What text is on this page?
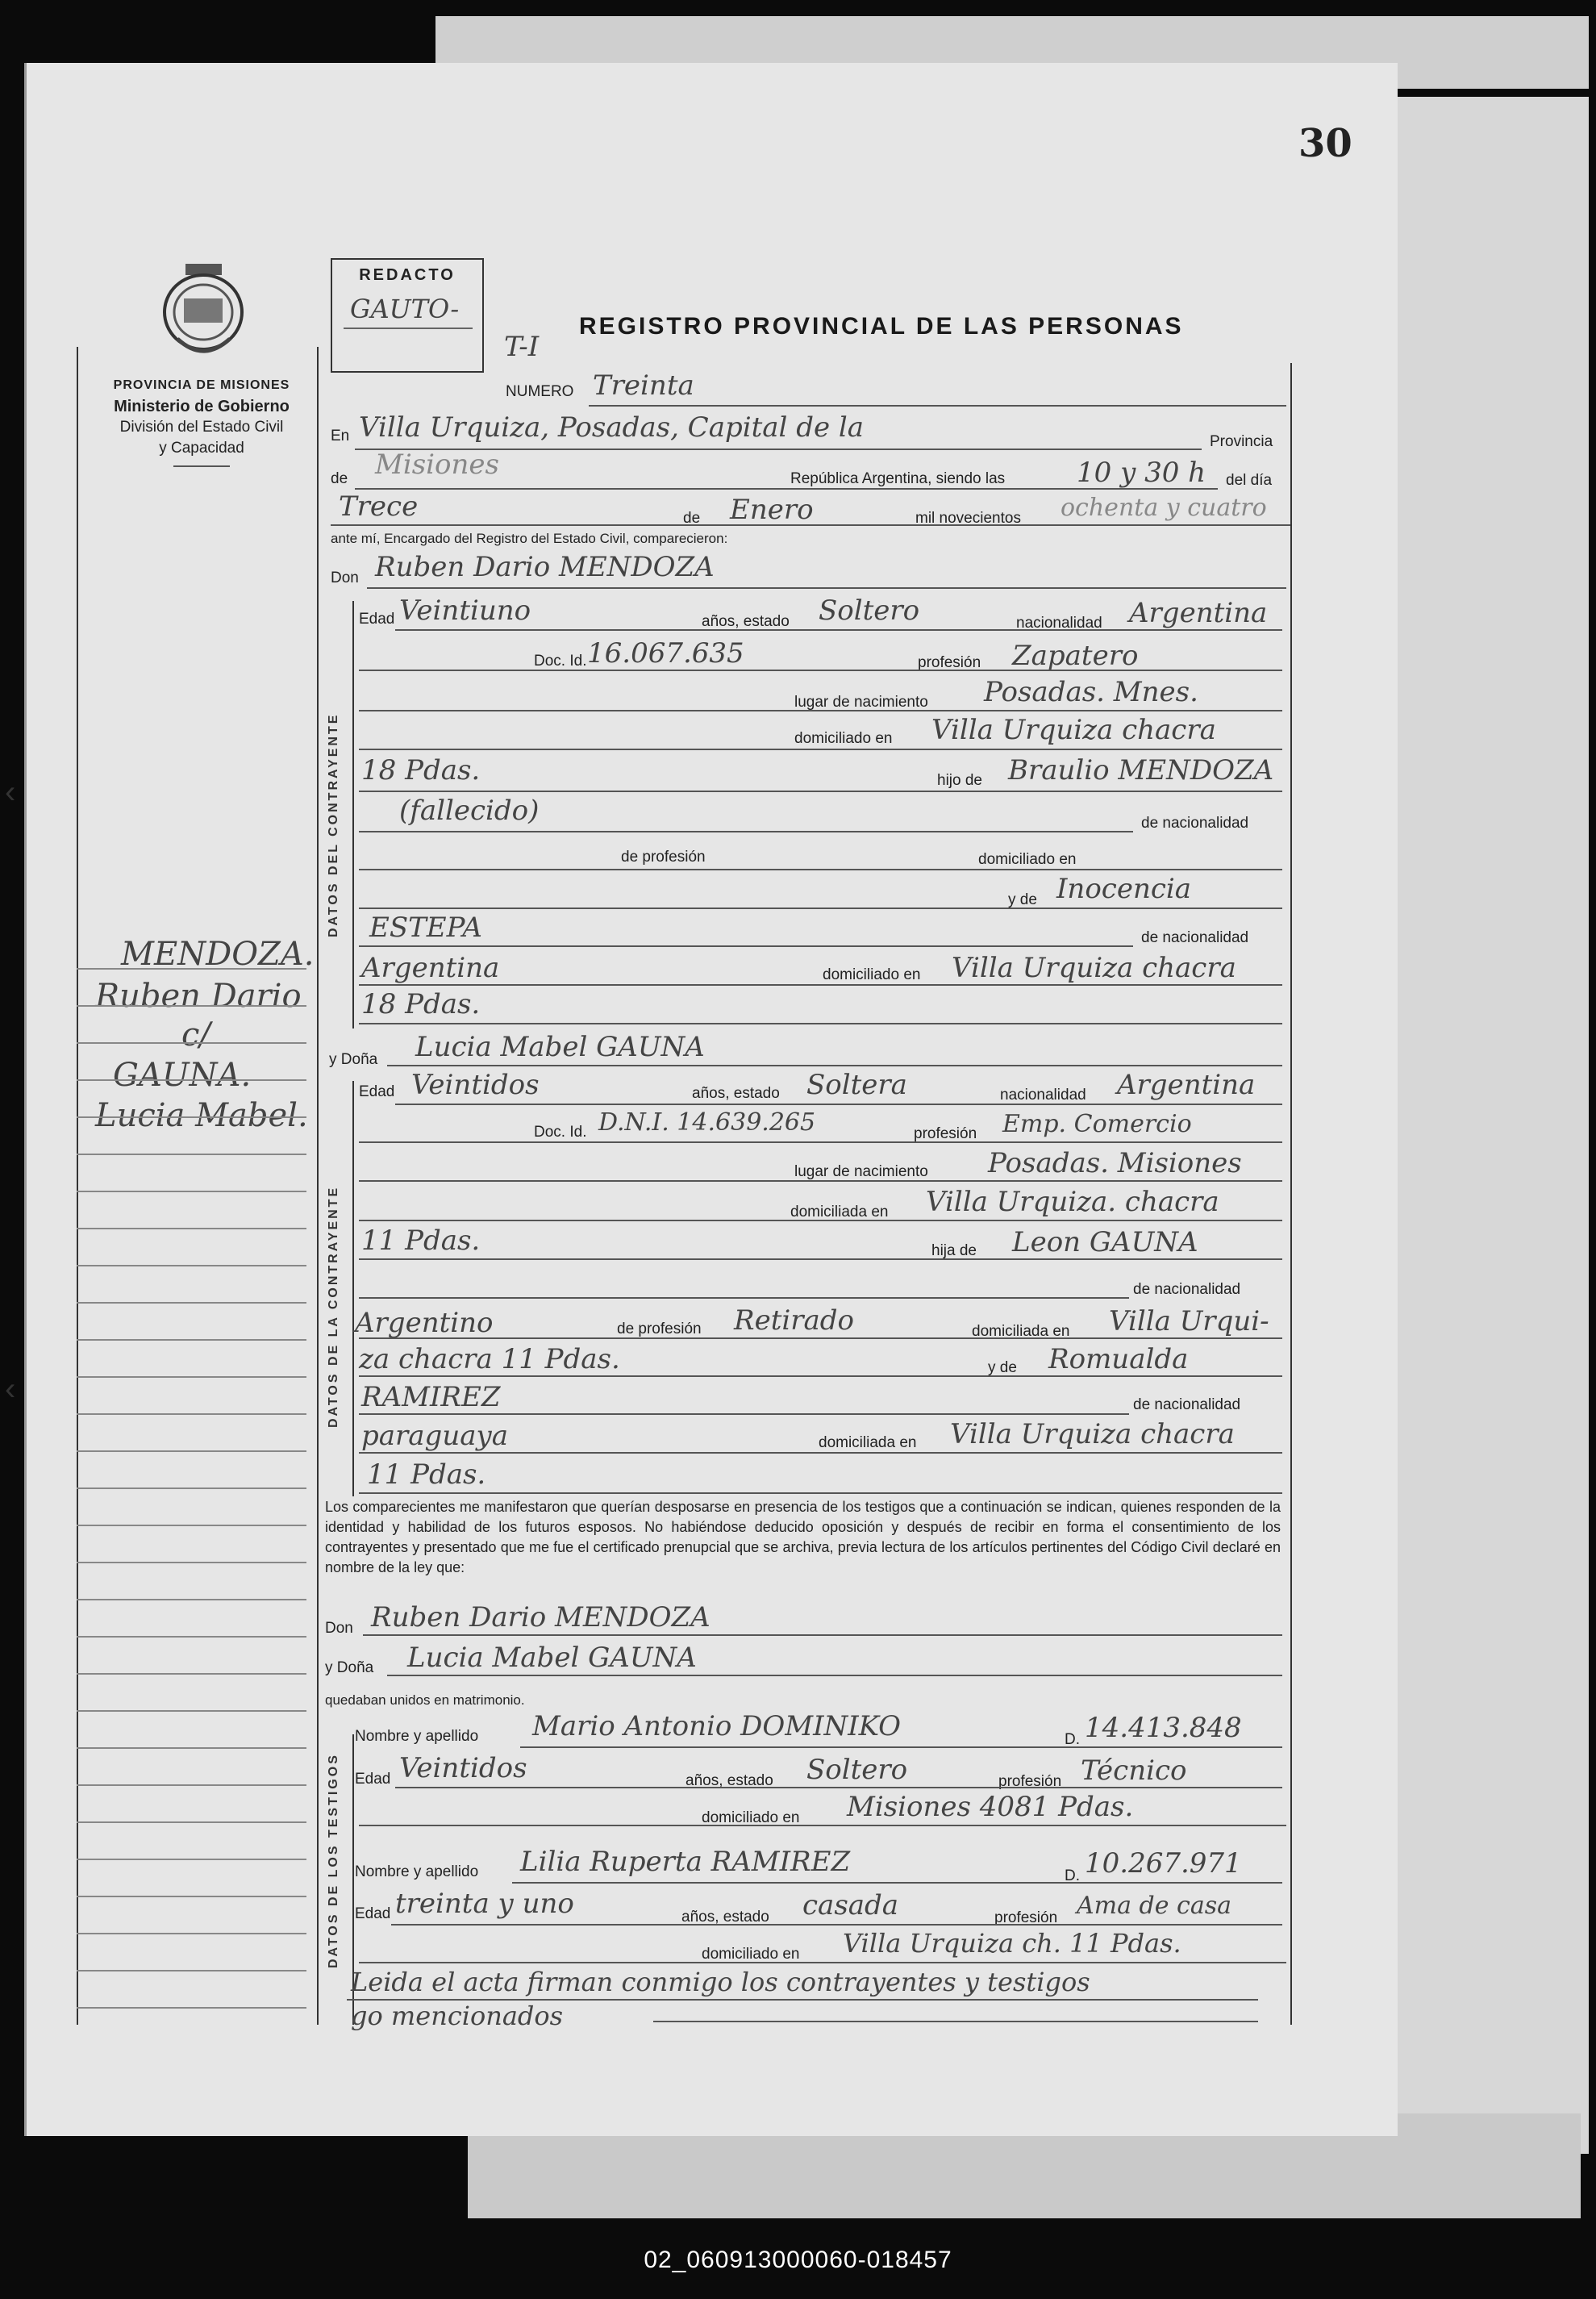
30
PROVINCIA DE MISIONES
Ministerio de Gobierno
División del Estado Civil
y Capacidad
REDACTO
GAUTO-
REGISTRO PROVINCIAL DE LAS PERSONAS
T-I
DATOS DEL CONTRAYENTE
DATOS DE LA CONTRAYENTE
DATOS DE LOS TESTIGOS
NUMERO Treinta
En Villa Urquiza, Posadas, Capital de la	Provincia
de Misiones	República Argentina, siendo las	10 y 30 h del día
Trece	de Enero	mil novecientos ochenta y cuatro
ante mí, Encargado del Registro del Estado Civil, comparecieron:
Don Ruben Dario MENDOZA
Edad Veintiuno	años, estado Soltero	nacionalidad Argentina
Doc. Id. 16.067.635	profesión Zapatero
lugar de nacimiento Posadas. Mnes.
domiciliado en Villa Urquiza chacra
18 Pdas.	hijo de Braulio MENDOZA
(fallecido)	de nacionalidad
de profesión	domiciliado en
y de Inocencia
ESTEPA	de nacionalidad
Argentina	domiciliado en Villa Urquiza chacra
18 Pdas.
y Doña Lucia Mabel GAUNA
Edad Veintidos	años, estado Soltera	nacionalidad Argentina
Doc. Id. D.N.I. 14.639.265	profesión Emp. Comercio
lugar de nacimiento Posadas. Misiones
domiciliada en Villa Urquiza. chacra
11 Pdas.	hija de Leon GAUNA
de nacionalidad
Argentino	de profesión Retirado	domiciliada en Villa Urqui-
za chacra 11 Pdas.	y de Romualda
RAMIREZ	de nacionalidad
paraguaya	domiciliada en Villa Urquiza chacra
11 Pdas.
Los comparecientes me manifestaron que querían desposarse en presencia de los testigos que a continuación se indican, quienes responden de la identidad y habilidad de los futuros esposos. No habiéndose deducido oposición y después de recibir en forma el consentimiento de los contrayentes y presentado que me fue el certificado prenupcial que se archiva, previa lectura de los artículos pertinentes del Código Civil declaré en nombre de la ley que:
Don Ruben Dario MENDOZA
y Doña Lucia Mabel GAUNA
quedaban unidos en matrimonio.
Nombre y apellido Mario Antonio DOMINIKO	D. 14.413.848
Edad Veintidos	años, estado Soltero	profesión Técnico
domiciliado en Misiones 4081 Pdas.
Nombre y apellido Lilia Ruperta RAMIREZ	D. 10.267.971
Edad treinta y uno	años, estado casada	profesión Ama de casa
domiciliado en Villa Urquiza ch. 11 Pdas.
Leida el acta firman conmigo los contrayentes y testigos
go mencionados
MENDOZA.
Ruben Dario
c/
GAUNA.
Lucia Mabel.
‹
‹
02_060913000060-018457
